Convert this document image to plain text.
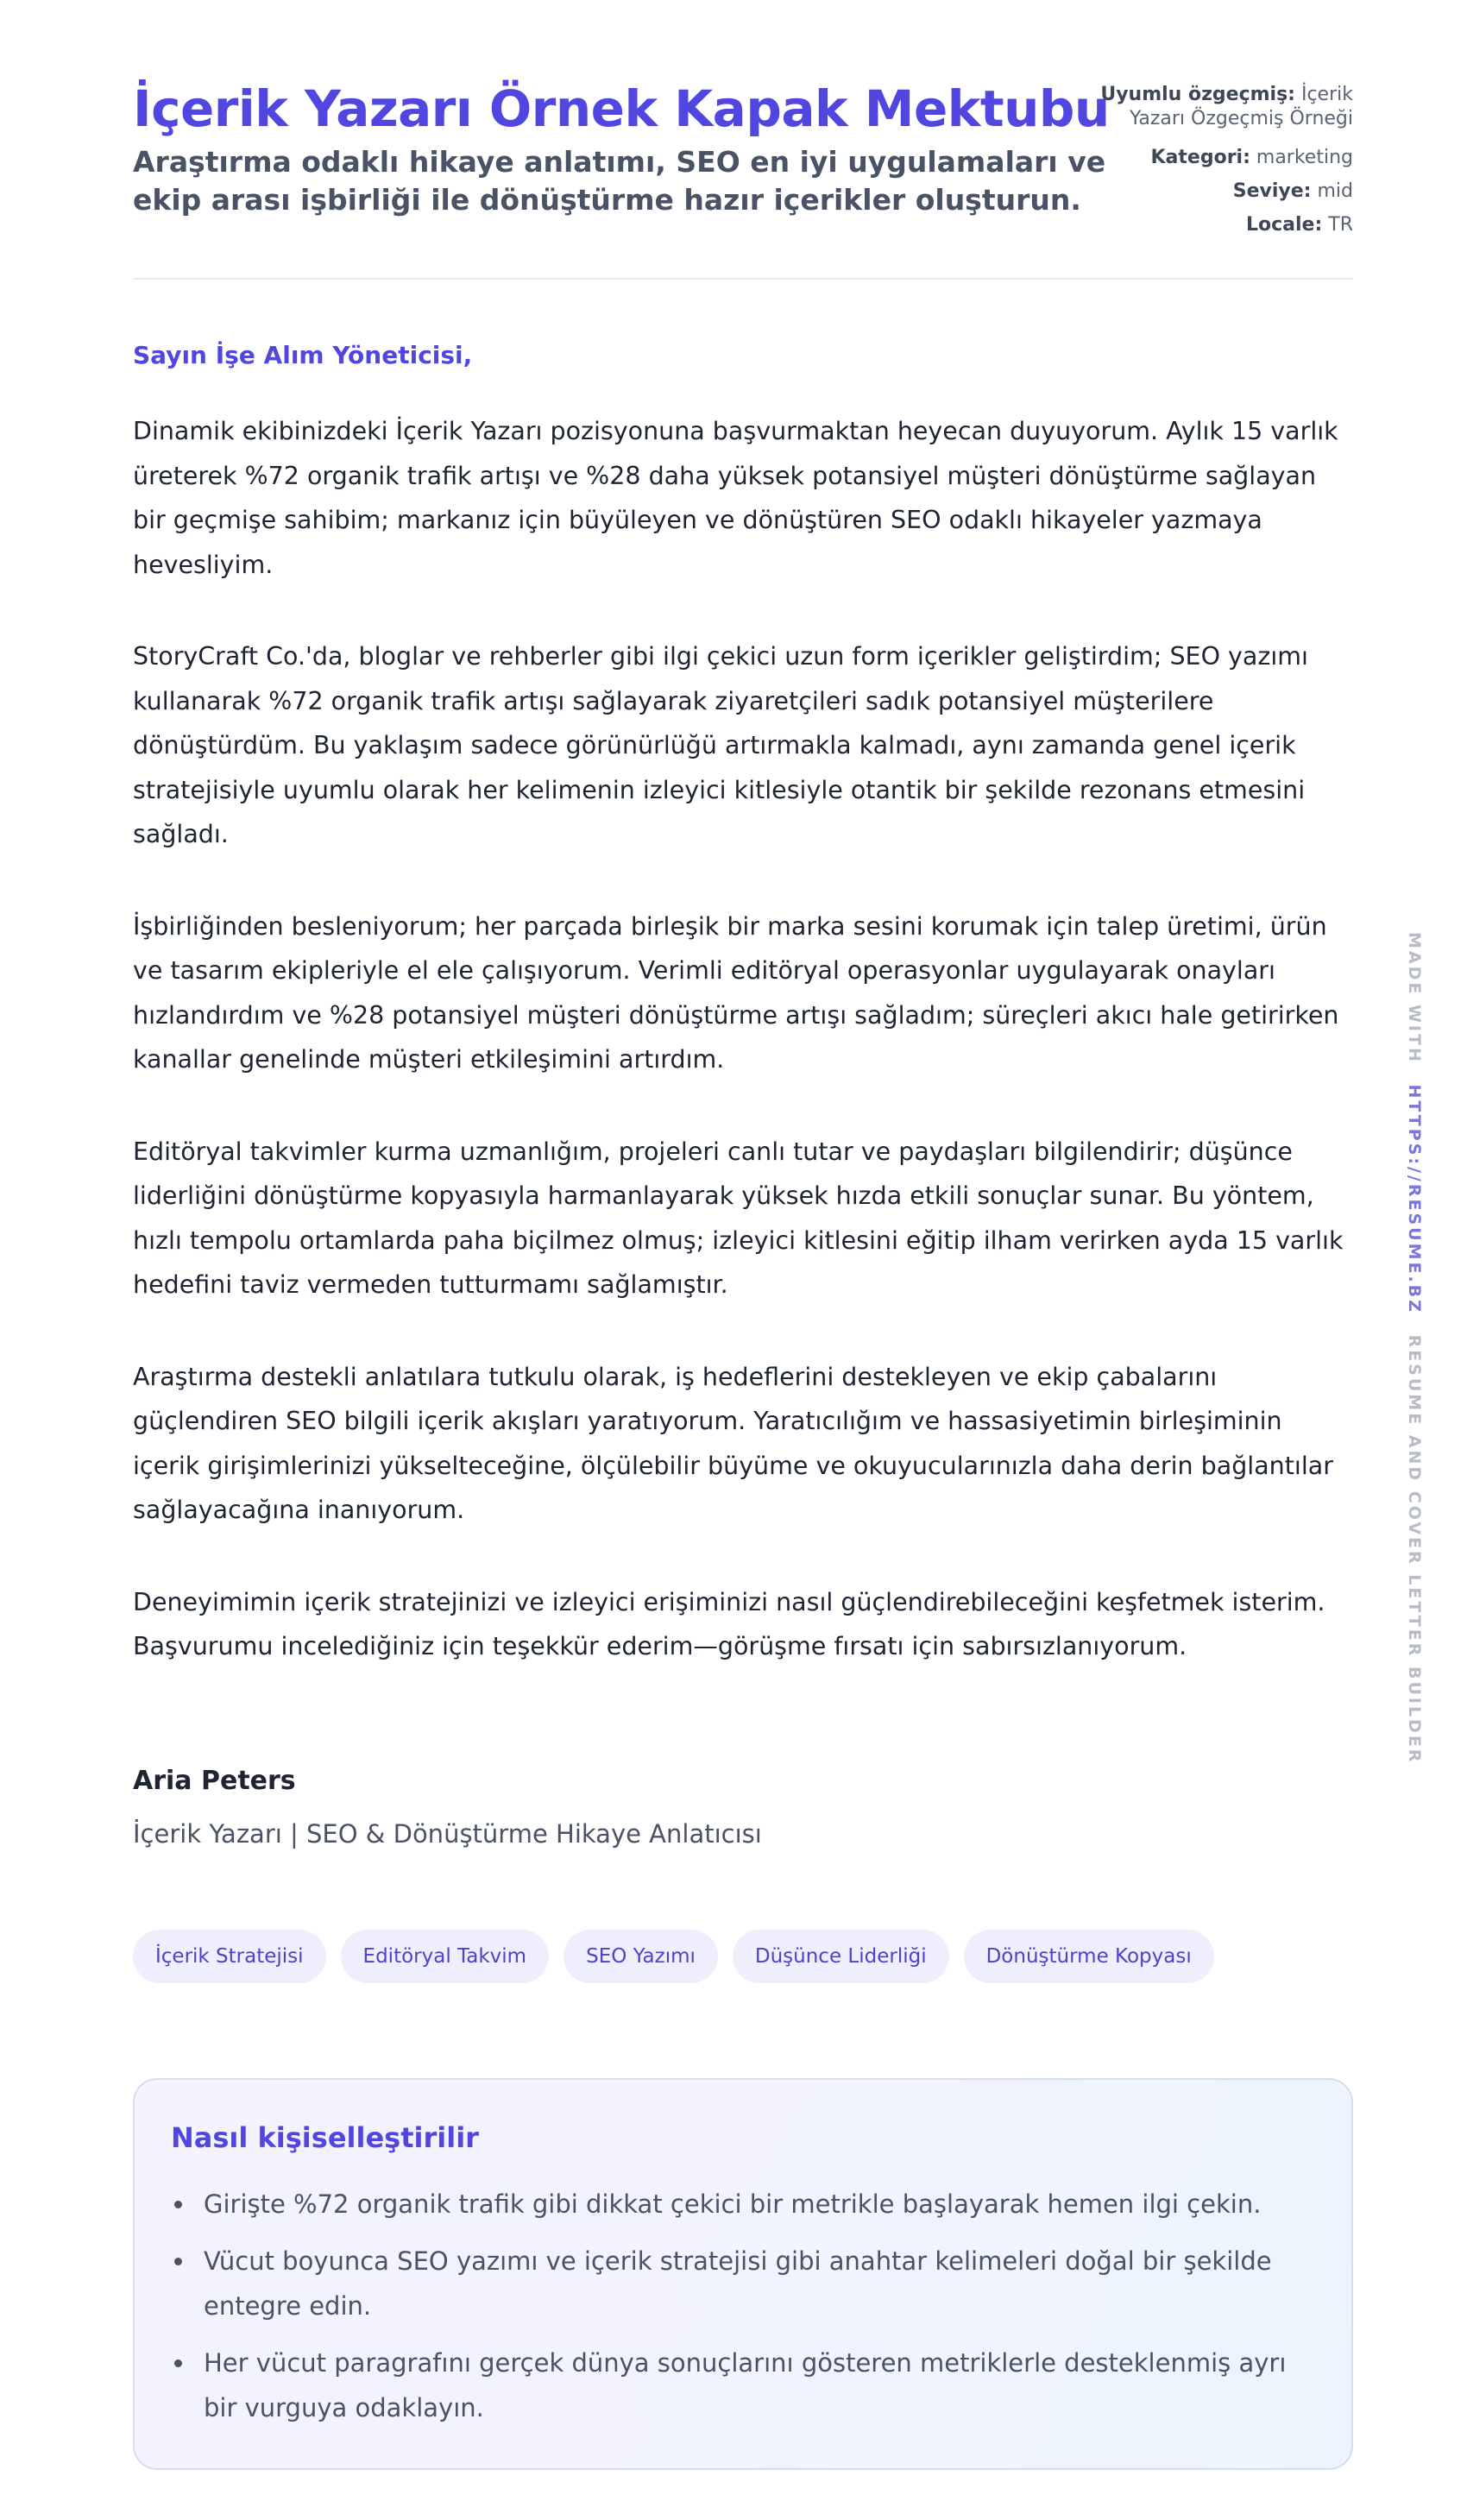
İçerik Yazarı Örnek Kapak Mektubu

Araştırma odaklı hikaye anlatımı, SEO en iyi uygulamaları ve ekip arası işbirliği ile dönüştürme hazır içerikler oluşturun.

Uyumlu özgeçmiş: İçerik Yazarı Özgeçmiş Örneği
Kategori: marketing
Seviye: mid
Locale: TR

Sayın İşe Alım Yöneticisi,

Dinamik ekibinizdeki İçerik Yazarı pozisyonuna başvurmaktan heyecan duyuyorum. Aylık 15 varlık üreterek %72 organik trafik artışı ve %28 daha yüksek potansiyel müşteri dönüştürme sağlayan bir geçmişe sahibim; markanız için büyüleyen ve dönüştüren SEO odaklı hikayeler yazmaya hevesliyim.

StoryCraft Co.'da, bloglar ve rehberler gibi ilgi çekici uzun form içerikler geliştirdim; SEO yazımı kullanarak %72 organik trafik artışı sağlayarak ziyaretçileri sadık potansiyel müşterilere dönüştürdüm. Bu yaklaşım sadece görünürlüğü artırmakla kalmadı, aynı zamanda genel içerik stratejisiyle uyumlu olarak her kelimenin izleyici kitlesiyle otantik bir şekilde rezonans etmesini sağladı.

İşbirliğinden besleniyorum; her parçada birleşik bir marka sesini korumak için talep üretimi, ürün ve tasarım ekipleriyle el ele çalışıyorum. Verimli editöryal operasyonlar uygulayarak onayları hızlandırdım ve %28 potansiyel müşteri dönüştürme artışı sağladım; süreçleri akıcı hale getirirken kanallar genelinde müşteri etkileşimini artırdım.

Editöryal takvimler kurma uzmanlığım, projeleri canlı tutar ve paydaşları bilgilendirir; düşünce liderliğini dönüştürme kopyasıyla harmanlayarak yüksek hızda etkili sonuçlar sunar. Bu yöntem, hızlı tempolu ortamlarda paha biçilmez olmuş; izleyici kitlesini eğitip ilham verirken ayda 15 varlık hedefini taviz vermeden tutturmamı sağlamıştır.

Araştırma destekli anlatılara tutkulu olarak, iş hedeflerini destekleyen ve ekip çabalarını güçlendiren SEO bilgili içerik akışları yaratıyorum. Yaratıcılığım ve hassasiyetimin birleşiminin içerik girişimlerinizi yükselteceğine, ölçülebilir büyüme ve okuyucularınızla daha derin bağlantılar sağlayacağına inanıyorum.

Deneyimimin içerik stratejinizi ve izleyici erişiminizi nasıl güçlendirebileceğini keşfetmek isterim. Başvurumu incelediğiniz için teşekkür ederim—görüşme fırsatı için sabırsızlanıyorum.

Aria Peters

İçerik Yazarı | SEO & Dönüştürme Hikaye Anlatıcısı

İçerik Stratejisi	Editöryal Takvim	SEO Yazımı	Düşünce Liderliği	Dönüştürme Kopyası
Nasıl kişiselleştirilir
Girişte %72 organik trafik gibi dikkat çekici bir metrikle başlayarak hemen ilgi çekin.
Vücut boyunca SEO yazımı ve içerik stratejisi gibi anahtar kelimeleri doğal bir şekilde entegre edin.
Her vücut paragrafını gerçek dünya sonuçlarını gösteren metriklerle desteklenmiş ayrı bir vurguya odaklayın.
MADE WITH HTTPS://RESUME.BZ RESUME AND COVER LETTER BUILDER
